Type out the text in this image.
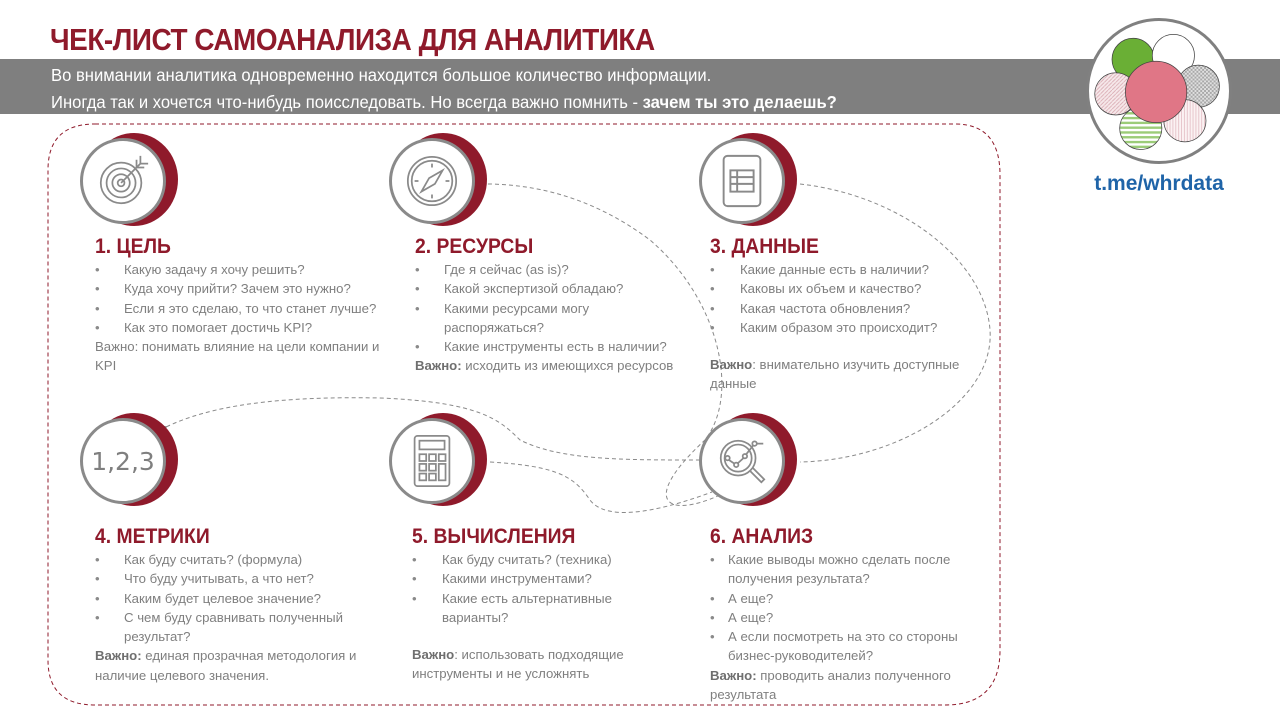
ЧЕК-ЛИСТ САМОАНАЛИЗА ДЛЯ АНАЛИТИКА
Во внимании аналитика одновременно находится большое количество информации.
Иногда так и хочется что-нибудь поисследовать. Но всегда важно помнить - зачем ты это делаешь?
t.me/whrdata
1,2,3
1. ЦЕЛЬ
• Какую задачу я хочу решить?
• Куда хочу прийти? Зачем это нужно?
• Если я это сделаю, то что станет лучше?
• Как это помогает достичь KPI?
Важно: понимать влияние на цели компании и KPI
2. РЕСУРСЫ
• Где я сейчас (as is)?
• Какой экспертизой обладаю?
• Какими ресурсами могу распоряжаться?
• Какие инструменты есть в наличии?
Важно: исходить из имеющихся ресурсов
3. ДАННЫЕ
• Какие данные есть в наличии?
• Каковы их объем и качество?
• Какая частота обновления?
• Каким образом это происходит?
Важно: внимательно изучить доступные данные
4. МЕТРИКИ
• Как буду считать? (формула)
• Что буду учитывать, а что нет?
• Каким будет целевое значение?
• С чем буду сравнивать полученный результат?
Важно: единая прозрачная методология и наличие целевого значения.
5. ВЫЧИСЛЕНИЯ
• Как буду считать? (техника)
• Какими инструментами?
• Какие есть альтернативные варианты?
Важно: использовать подходящие инструменты и не усложнять
6. АНАЛИЗ
• Какие выводы можно сделать после получения результата?
• А еще?
• А еще?
• А если посмотреть на это со стороны бизнес-руководителей?
Важно: проводить анализ полученного результата
